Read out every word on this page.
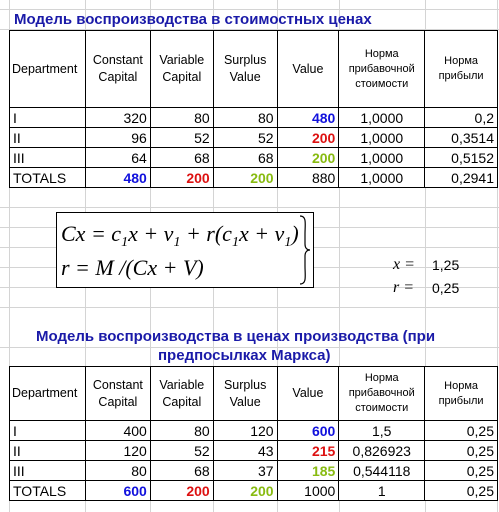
Модель воспроизводства в стоимостных ценах
Department	Constant Capital	Variable Capital	Surplus Value	Value	Норма прибавочной стоимости	Норма прибыли
I	320	80	80	480	1,0000	0,2
II	96	52	52	200	1,0000	0,3514
III	64	68	68	200	1,0000	0,5152
TOTALS	480	200	200	880	1,0000	0,2941
$Cx = c_1x + v_1 + r(c_1x + v_1)$
r = M /(Cx + V)	x = 1,25
r = 0,25
Модель воспроизводства в ценах производства (при
предпосылках Маркса)
Department	Constant Capital	Variable Capital	Surplus Value	Value	Норма прибавочной стоимости	Норма прибыли
I	400	80	120	600	1,5	0,25
II	120	52	43	215	0,826923	0,25
III	80	68	37	185	0,544118	0,25
TOTALS	600	200	200	1000	1	0,25
